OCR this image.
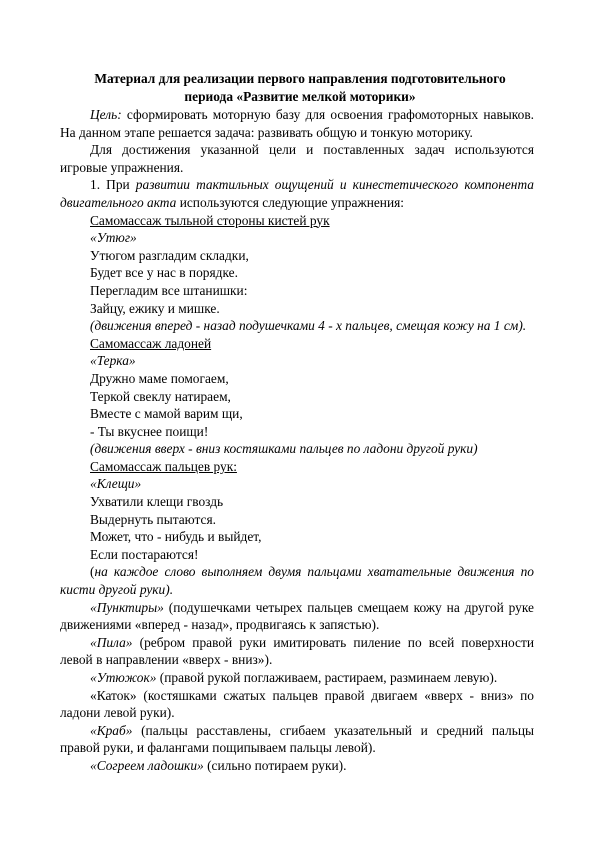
Материал для реализации первого направления подготовительного
периода «Развитие мелкой моторики»

Цель: сформировать моторную базу для освоения графомоторных навыков. На данном этапе решается задача: развивать общую и тонкую моторику.

Для достижения указанной цели и поставленных задач используются игровые упражнения.

1. При развитии тактильных ощущений и кинестетического компонента двигательного акта используются следующие упражнения:

Самомассаж тыльной стороны кистей рук

«Утюг»

Утюгом разгладим складки,

Будет все у нас в порядке.

Перегладим все штанишки:

Зайцу, ежику и мишке.

(движения вперед - назад подушечками 4 - х пальцев, смещая кожу на 1 см).

Самомассаж ладоней

«Терка»

Дружно маме помогаем,

Теркой свеклу натираем,

Вместе с мамой варим щи,

- Ты вкуснее поищи!

(движения вверх - вниз костяшками пальцев по ладони другой руки)

Самомассаж пальцев рук:

«Клещи»

Ухватили клещи гвоздь

Выдернуть пытаются.

Может, что - нибудь и выйдет,

Если постараются!

(на каждое слово выполняем двумя пальцами хватательные движения по кисти другой руки).

«Пунктиры» (подушечками четырех пальцев смещаем кожу на другой руке движениями «вперед - назад», продвигаясь к запястью).

«Пила» (ребром правой руки имитировать пиление по всей поверхности левой в направлении «вверх - вниз»).

«Утюжок» (правой рукой поглаживаем, растираем, разминаем левую).

«Каток» (костяшками сжатых пальцев правой двигаем «вверх - вниз» по ладони левой руки).

«Краб» (пальцы расставлены, сгибаем указательный и средний пальцы правой руки, и фалангами пощипываем пальцы левой).

«Согреем ладошки» (сильно потираем руки).
